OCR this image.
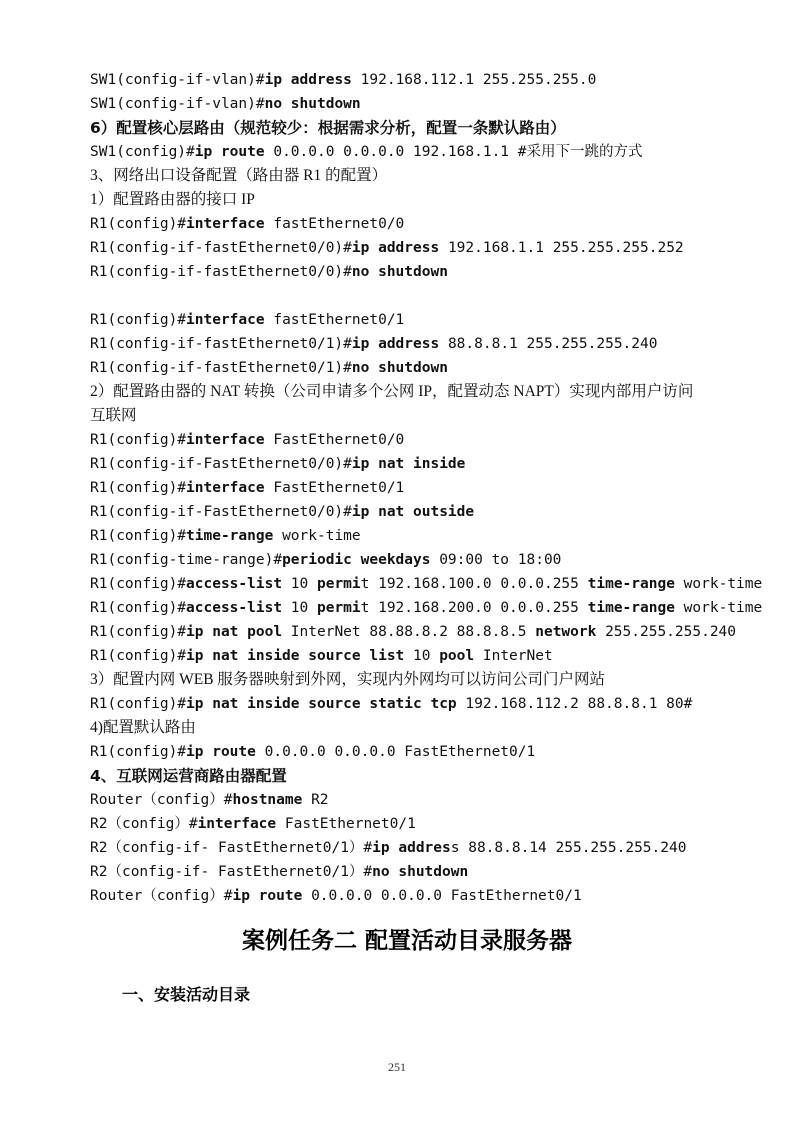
SW1(config-if-vlan)#ip address 192.168.112.1 255.255.255.0
SW1(config-if-vlan)#no shutdown
6）配置核心层路由（规范较少：根据需求分析，配置一条默认路由）
SW1(config)#ip route 0.0.0.0 0.0.0.0 192.168.1.1 #采用下一跳的方式
3、网络出口设备配置（路由器 R1 的配置）
1）配置路由器的接口 IP
R1(config)#interface fastEthernet0/0
R1(config-if-fastEthernet0/0)#ip address 192.168.1.1 255.255.255.252
R1(config-if-fastEthernet0/0)#no shutdown
R1(config)#interface fastEthernet0/1
R1(config-if-fastEthernet0/1)#ip address 88.8.8.1 255.255.255.240
R1(config-if-fastEthernet0/1)#no shutdown
2）配置路由器的 NAT 转换（公司申请多个公网 IP，配置动态 NAPT）实现内部用户访问
互联网
R1(config)#interface FastEthernet0/0
R1(config-if-FastEthernet0/0)#ip nat inside
R1(config)#interface FastEthernet0/1
R1(config-if-FastEthernet0/0)#ip nat outside
R1(config)#time-range work-time
R1(config-time-range)#periodic weekdays 09:00 to 18:00
R1(config)#access-list 10 permit 192.168.100.0 0.0.0.255 time-range work-time
R1(config)#access-list 10 permit 192.168.200.0 0.0.0.255 time-range work-time
R1(config)#ip nat pool InterNet 88.88.8.2 88.8.8.5 network 255.255.255.240
R1(config)#ip nat inside source list 10 pool InterNet
3）配置内网 WEB 服务器映射到外网，实现内外网均可以访问公司门户网站
R1(config)#ip nat inside source static tcp 192.168.112.2 88.8.8.1 80#
4)配置默认路由
R1(config)#ip route 0.0.0.0 0.0.0.0 FastEthernet0/1
4、互联网运营商路由器配置
Router（config）#hostname R2
R2（config）#interface FastEthernet0/1
R2（config-if- FastEthernet0/1）#ip address 88.8.8.14 255.255.255.240
R2（config-if- FastEthernet0/1）#no shutdown
Router（config）#ip route 0.0.0.0 0.0.0.0 FastEthernet0/1
案例任务二 配置活动目录服务器
一、安装活动目录
251
